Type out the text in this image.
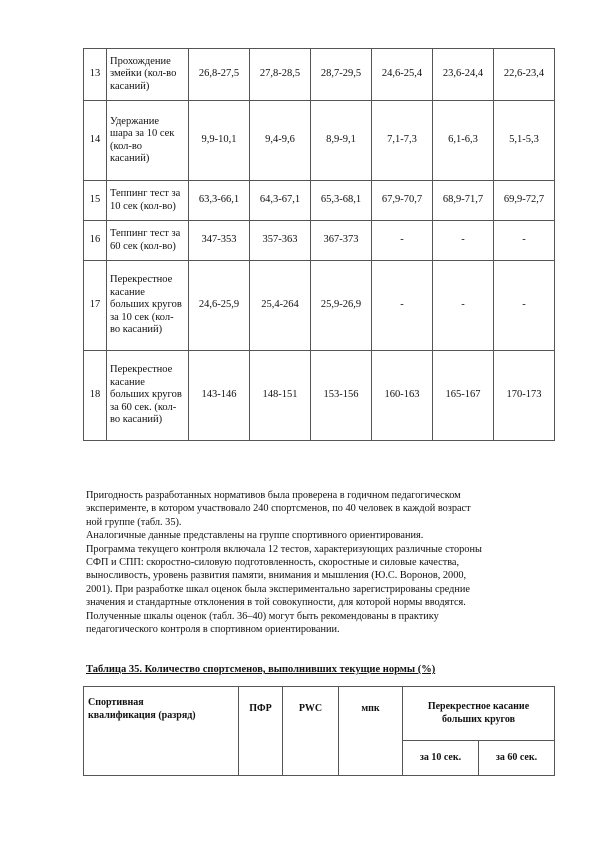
13	Прохождение
змейки (кол-во
касаний)	26,8-27,5	27,8-28,5	28,7-29,5	24,6-25,4	23,6-24,4	22,6-23,4
14	Удержание
шара за 10 сек
(кол-во
касаний)	9,9-10,1	9,4-9,6	8,9-9,1	7,1-7,3	6,1-6,3	5,1-5,3
15	Теппинг тест за
10 сек (кол-во)	63,3-66,1	64,3-67,1	65,3-68,1	67,9-70,7	68,9-71,7	69,9-72,7
16	Теппинг тест за
60 сек (кол-во)	347-353	357-363	367-373	-	-	-
17	Перекрестное
касание
больших кругов
за 10 сек (кол-
во касаний)	24,6-25,9	25,4-264	25,9-26,9	-	-	-
18	Перекрестное
касание
больших кругов
за 60 сек. (кол-
во касаний)	143-146	148-151	153-156	160-163	165-167	170-173
Пригодность разработанных нормативов была проверена в годичном педагогическом
эксперименте, в котором участвовало 240 спортсменов, по 40 человек в каждой возраст
ной группе (табл. 35).
Аналогичные данные представлены на группе спортивного ориентирования.
Программа текущего контроля включала 12 тестов, характеризующих различные стороны
СФП и СПП: скоростно-силовую подготовленность, скоростные и силовые качества,
выносливость, уровень развития памяти, внимания и мышления (Ю.С. Воронов, 2000,
2001). При разработке шкал оценок была экспериментально зарегистрированы средние
значения и стандартные отклонения в той совокупности, для которой нормы вводятся.
Полученные шкалы оценок (табл. 36–40) могут быть рекомендованы в практику
педагогического контроля в спортивном ориентировании.

Таблица 35. Количество спортсменов, выполнивших текущие нормы (%)

Спортивная
квалификация (разряд)	ПФР	PWC	мпк	Перекрестное касание
больших кругов	

				за 10 сек.	за 60 сек.
